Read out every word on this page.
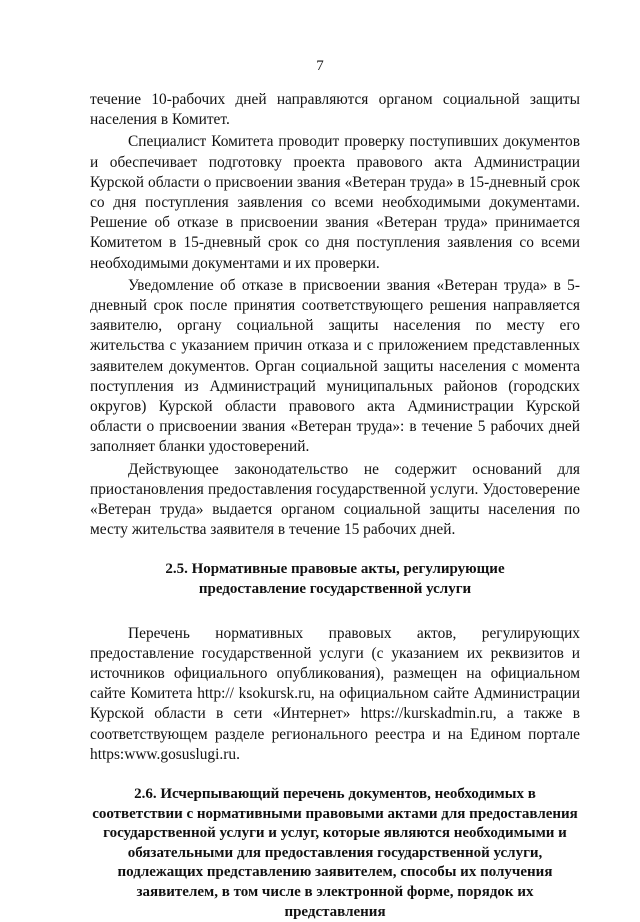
7

течение 10-рабочих дней направляются органом социальной защиты населения в Комитет.

Специалист Комитета проводит проверку поступивших документов и обеспечивает подготовку проекта правового акта Администрации Курской области о присвоении звания «Ветеран труда» в 15-дневный срок со дня поступления заявления со всеми необходимыми документами. Решение об отказе в присвоении звания «Ветеран труда» принимается Комитетом в 15-дневный срок со дня поступления заявления со всеми необходимыми документами и их проверки.

Уведомление об отказе в присвоении звания «Ветеран труда» в 5-дневный срок после принятия соответствующего решения направляется заявителю, органу социальной защиты населения по месту его жительства с указанием причин отказа и с приложением представленных заявителем документов. Орган социальной защиты населения с момента поступления из Администраций муниципальных районов (городских округов) Курской области правового акта Администрации Курской области о присвоении звания «Ветеран труда»: в течение 5 рабочих дней заполняет бланки удостоверений.

Действующее законодательство не содержит оснований для приостановления предоставления государственной услуги. Удостоверение «Ветеран труда» выдается органом социальной защиты населения по месту жительства заявителя в течение 15 рабочих дней.

2.5. Нормативные правовые акты, регулирующие предоставление государственной услуги

Перечень нормативных правовых актов, регулирующих предоставление государственной услуги (с указанием их реквизитов и источников официального опубликования), размещен на официальном сайте Комитета http:// ksokursk.ru, на официальном сайте Администрации Курской области в сети «Интернет» https://kurskadmin.ru, а также в соответствующем разделе регионального реестра и на Едином портале https:www.gosuslugi.ru.

2.6. Исчерпывающий перечень документов, необходимых в соответствии с нормативными правовыми актами для предоставления государственной услуги и услуг, которые являются необходимыми и обязательными для предоставления государственной услуги, подлежащих представлению заявителем, способы их получения заявителем, в том числе в электронной форме, порядок их представления
